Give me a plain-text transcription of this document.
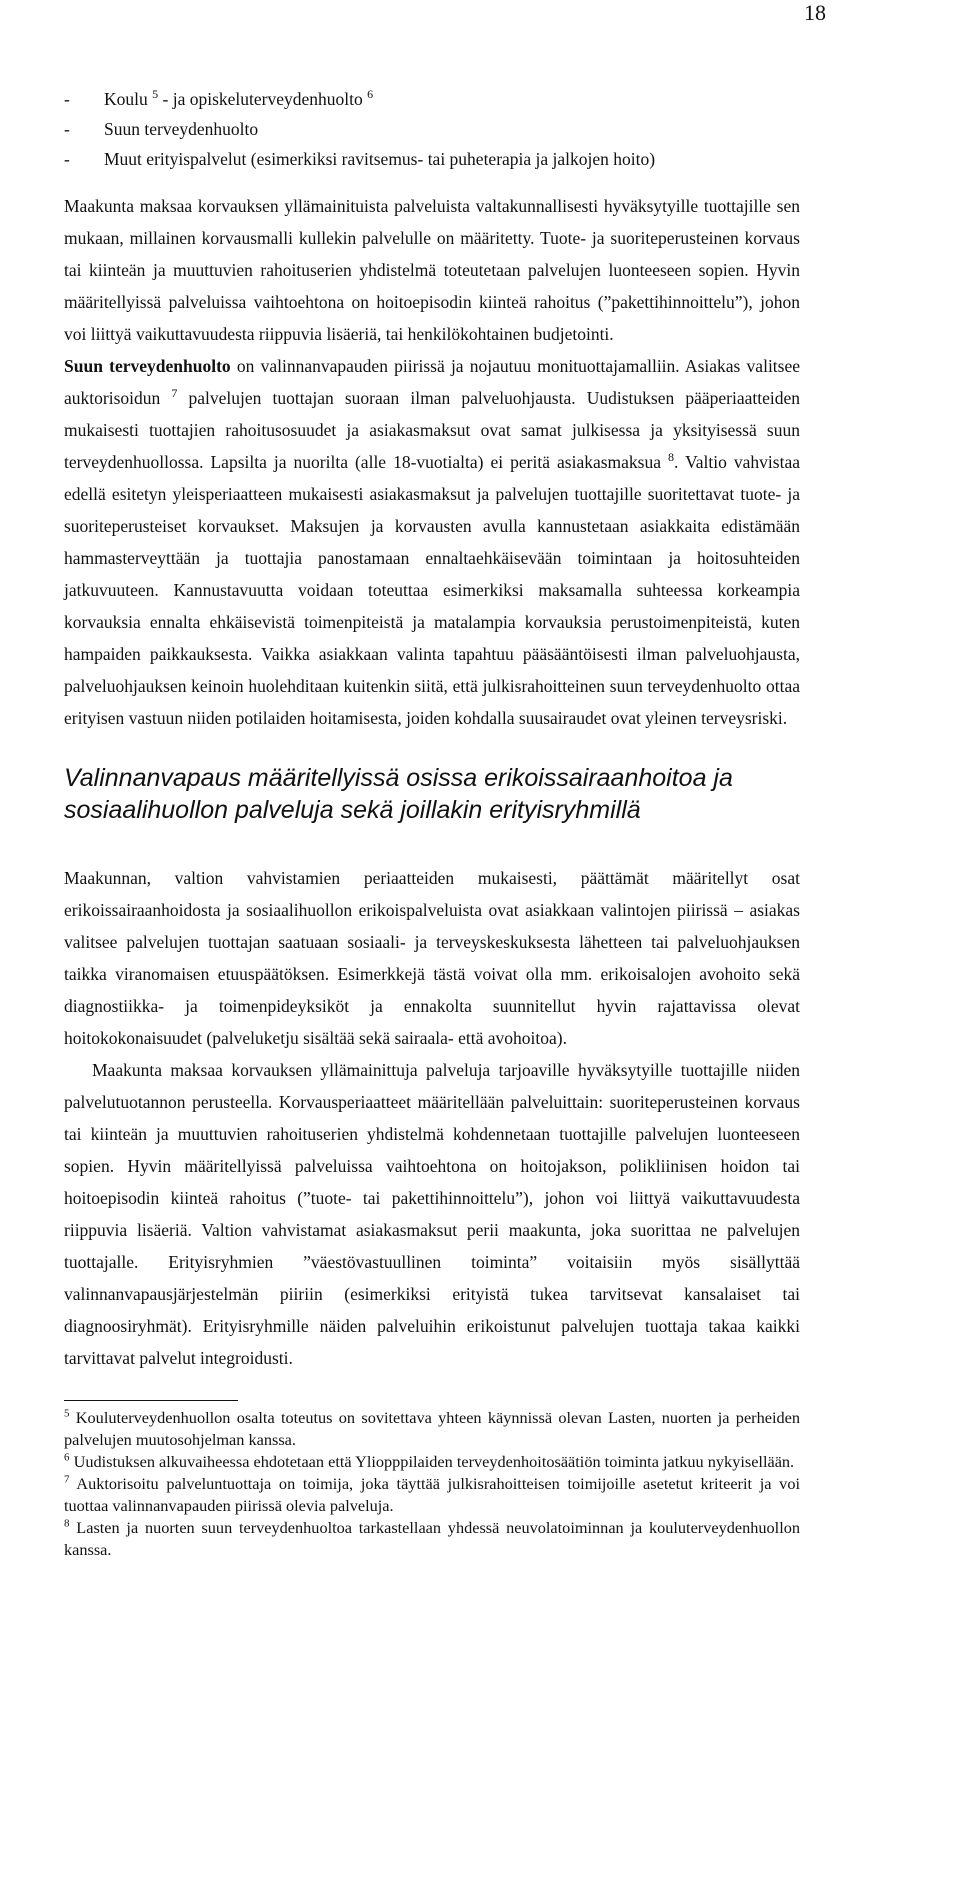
18
- Koulu $^5$ - ja opiskeluterveydenhuolto $^6$
- Suun terveydenhuolto
- Muut erityispalvelut (esimerkiksi ravitsemus- tai puheterapia ja jalkojen hoito)

Maakunta maksaa korvauksen yllämainituista palveluista valtakunnallisesti hyväksytyille tuottajille sen mukaan, millainen korvausmalli kullekin palvelulle on määritetty. Tuote- ja suoriteperusteinen korvaus tai kiinteän ja muuttuvien rahoituserien yhdistelmä toteutetaan palvelujen luonteeseen sopien. Hyvin määritellyissä palveluissa vaihtoehtona on hoitoepisodin kiinteä rahoitus (”pakettihinnoittelu”), johon voi liittyä vaikuttavuudesta riippuvia lisäeriä, tai henkilökohtainen budjetointi.

Suun terveydenhuolto on valinnanvapauden piirissä ja nojautuu monituottajamalliin. Asiakas valitsee auktorisoidun $^7$ palvelujen tuottajan suoraan ilman palveluohjausta. Uudistuksen pääperiaatteiden mukaisesti tuottajien rahoitusosuudet ja asiakasmaksut ovat samat julkisessa ja yksityisessä suun terveydenhuollossa. Lapsilta ja nuorilta (alle 18-vuotialta) ei peritä asiakasmaksua $^8$. Valtio vahvistaa edellä esitetyn yleisperiaatteen mukaisesti asiakasmaksut ja palvelujen tuottajille suoritettavat tuote- ja suoriteperusteiset korvaukset. Maksujen ja korvausten avulla kannustetaan asiakkaita edistämään hammasterveyttään ja tuottajia panostamaan ennaltaehkäisevään toimintaan ja hoitosuhteiden jatkuvuuteen. Kannustavuutta voidaan toteuttaa esimerkiksi maksamalla suhteessa korkeampia korvauksia ennalta ehkäisevistä toimenpiteistä ja matalampia korvauksia perustoimenpiteistä, kuten hampaiden paikkauksesta. Vaikka asiakkaan valinta tapahtuu pääsääntöisesti ilman palveluohjausta, palveluohjauksen keinoin huolehditaan kuitenkin siitä, että julkisrahoitteinen suun terveydenhuolto ottaa erityisen vastuun niiden potilaiden hoitamisesta, joiden kohdalla suusairaudet ovat yleinen terveysriski.

Valinnanvapaus määritellyissä osissa erikoissairaanhoitoa ja sosiaalihuollon palveluja sekä joillakin erityisryhmillä

Maakunnan, valtion vahvistamien periaatteiden mukaisesti, päättämät määritellyt osat erikoissairaanhoidosta ja sosiaalihuollon erikoispalveluista ovat asiakkaan valintojen piirissä – asiakas valitsee palvelujen tuottajan saatuaan sosiaali- ja terveyskeskuksesta lähetteen tai palveluohjauksen taikka viranomaisen etuuspäätöksen. Esimerkkejä tästä voivat olla mm. erikoisalojen avohoito sekä diagnostiikka- ja toimenpideyksiköt ja ennakolta suunnitellut hyvin rajattavissa olevat hoitokokonaisuudet (palveluketju sisältää sekä sairaala- että avohoitoa).

Maakunta maksaa korvauksen yllämainittuja palveluja tarjoaville hyväksytyille tuottajille niiden palvelutuotannon perusteella. Korvausperiaatteet määritellään palveluittain: suoriteperusteinen korvaus tai kiinteän ja muuttuvien rahoituserien yhdistelmä kohdennetaan tuottajille palvelujen luonteeseen sopien. Hyvin määritellyissä palveluissa vaihtoehtona on hoitojakson, polikliinisen hoidon tai hoitoepisodin kiinteä rahoitus (”tuote- tai pakettihinnoittelu”), johon voi liittyä vaikuttavuudesta riippuvia lisäeriä. Valtion vahvistamat asiakasmaksut perii maakunta, joka suorittaa ne palvelujen tuottajalle. Erityisryhmien ”väestövastuullinen toiminta” voitaisiin myös sisällyttää valinnanvapausjärjestelmän piiriin (esimerkiksi erityistä tukea tarvitsevat kansalaiset tai diagnoosiryhmät). Erityisryhmille näiden palveluihin erikoistunut palvelujen tuottaja takaa kaikki tarvittavat palvelut integroidusti.

$^5$ Kouluterveydenhuollon osalta toteutus on sovitettava yhteen käynnissä olevan Lasten, nuorten ja perheiden palvelujen muutosohjelman kanssa.

$^6$ Uudistuksen alkuvaiheessa ehdotetaan että Yliopppilaiden terveydenhoitosäätiön toiminta jatkuu nykyisellään.

$^7$ Auktorisoitu palveluntuottaja on toimija, joka täyttää julkisrahoitteisen toimijoille asetetut kriteerit ja voi tuottaa valinnanvapauden piirissä olevia palveluja.

$^8$ Lasten ja nuorten suun terveydenhuoltoa tarkastellaan yhdessä neuvolatoiminnan ja kouluterveydenhuollon kanssa.
